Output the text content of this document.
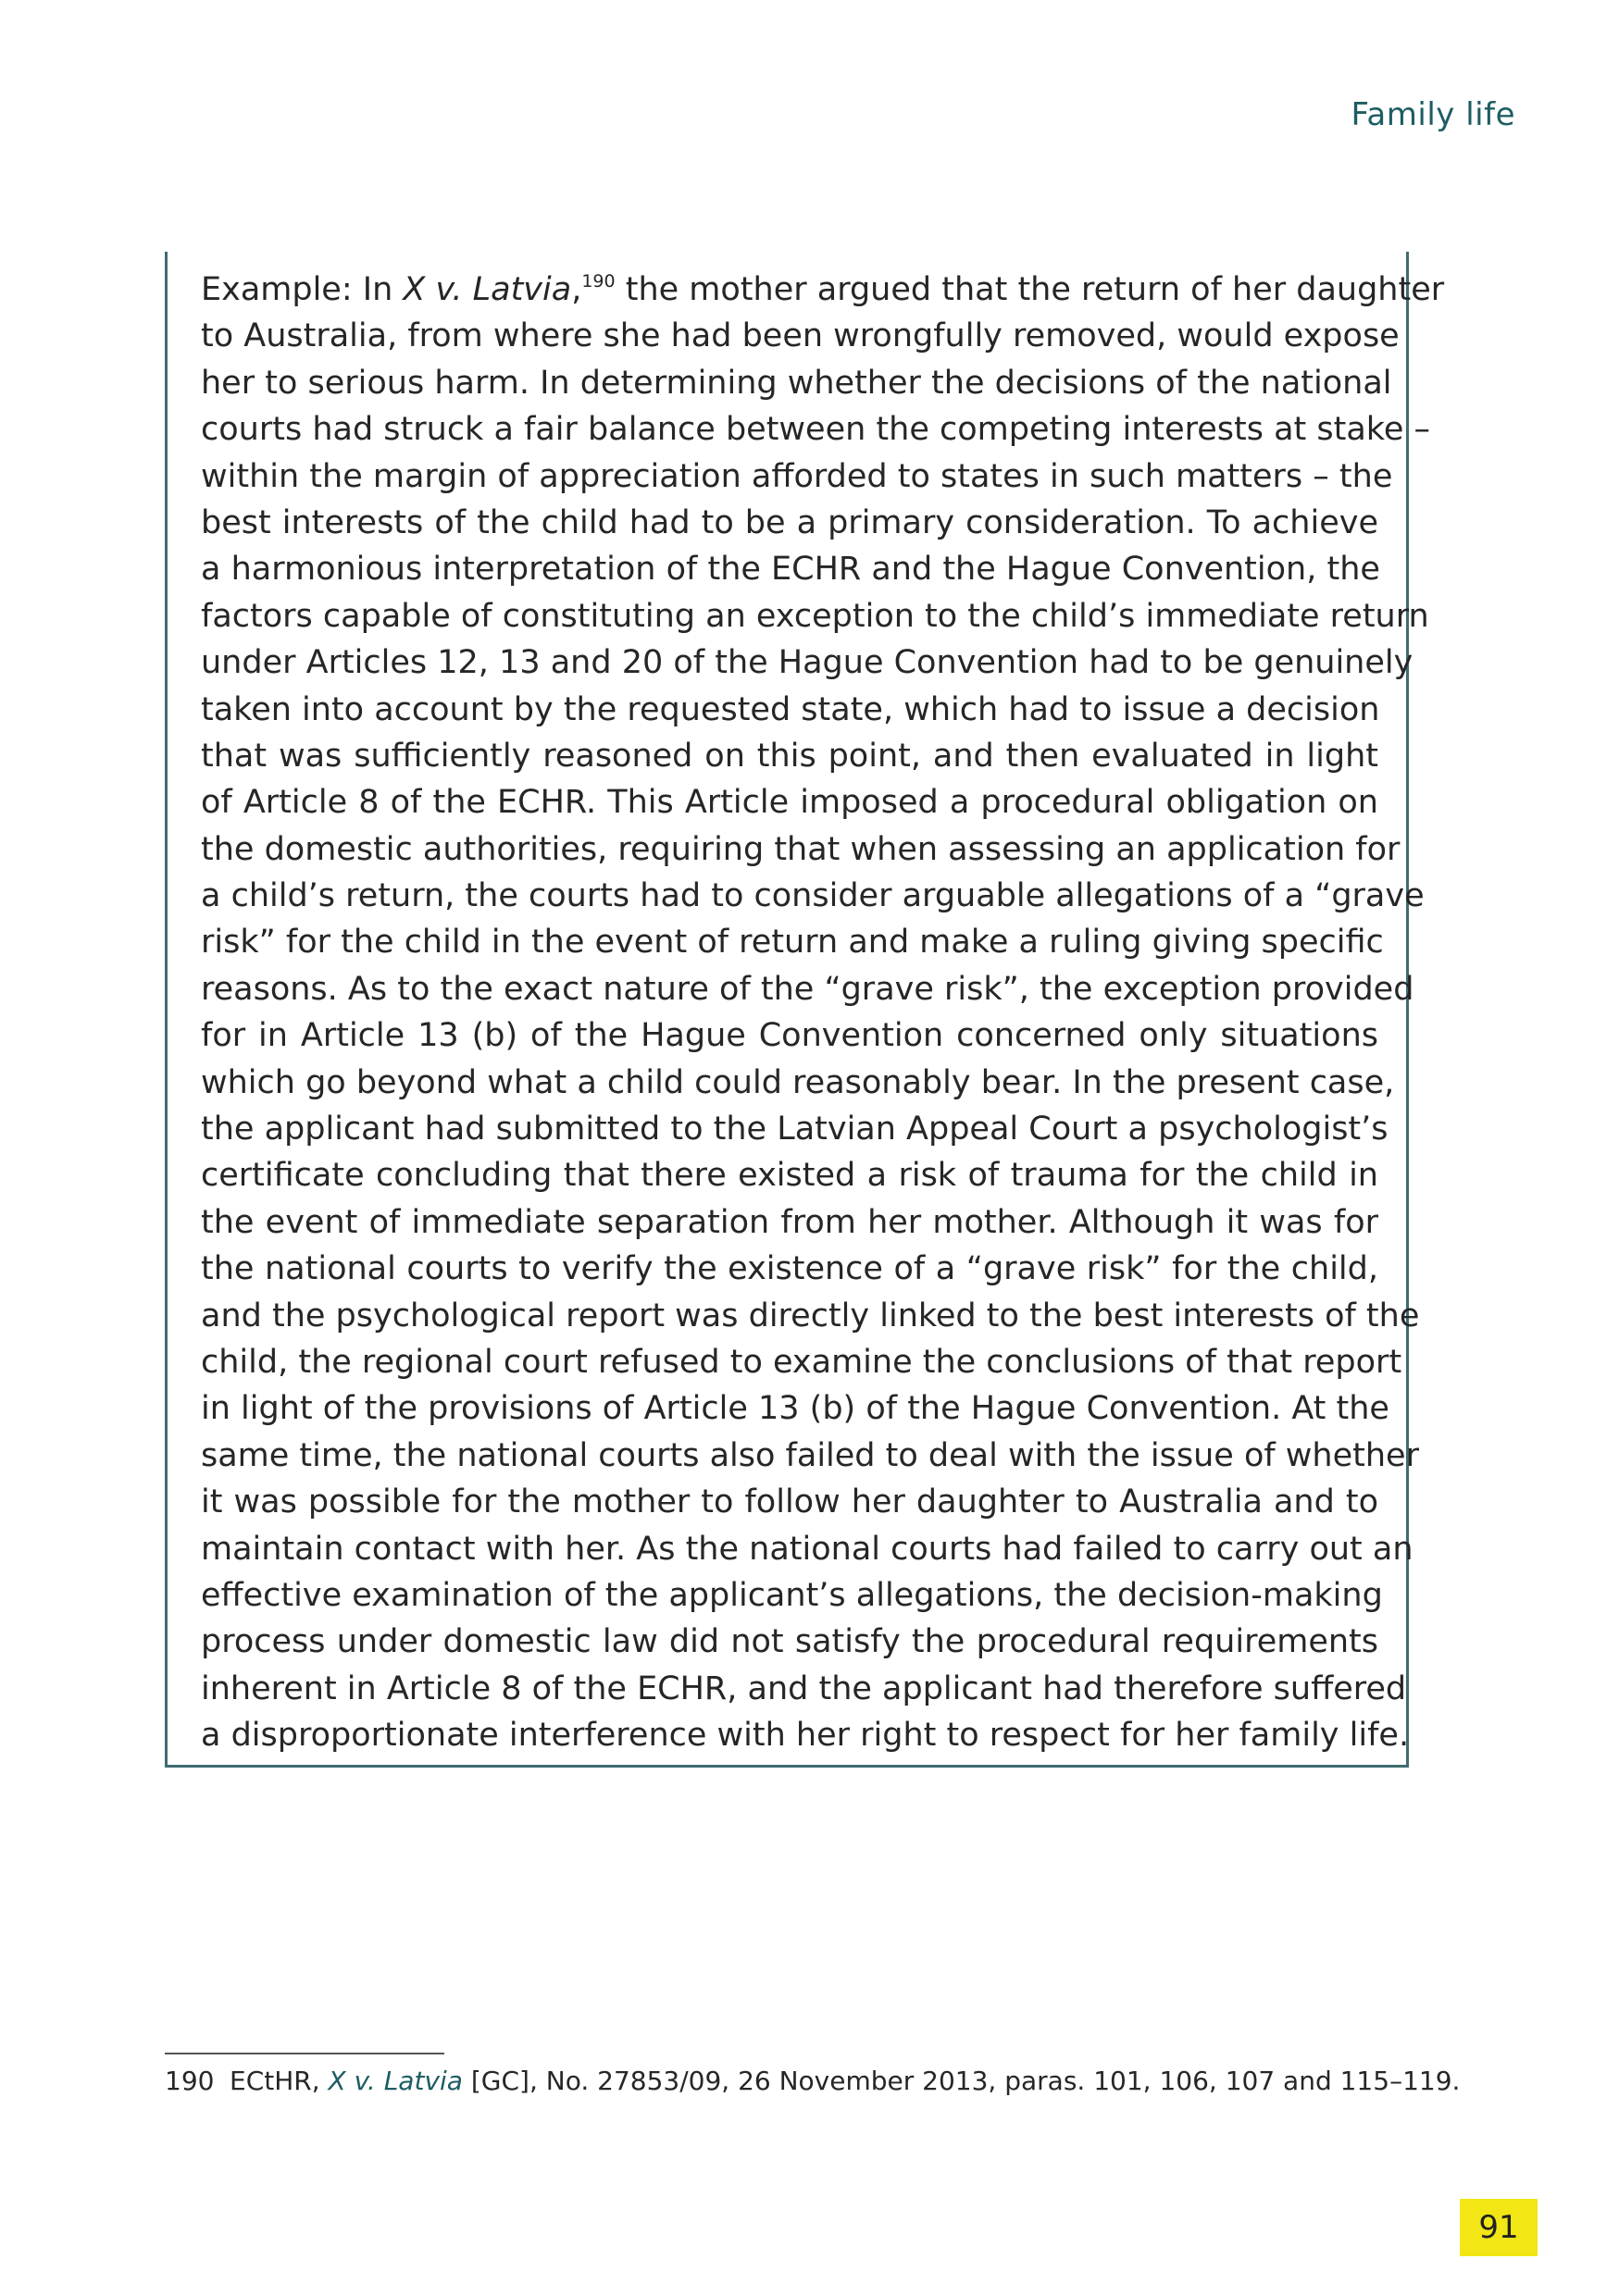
Family life
Example: In X v. Latvia,$^{190}$ the mother argued that the return of her daughter
to Australia, from where she had been wrongfully removed, would expose
her to serious harm. In determining whether the decisions of the national
courts had struck a fair balance between the competing interests at stake –
within the margin of appreciation afforded to states in such matters – the
best interests of the child had to be a primary consideration. To achieve
a harmonious interpretation of the ECHR and the Hague Convention, the
factors capable of constituting an exception to the child’s immediate return
under Articles 12, 13 and 20 of the Hague Convention had to be genuinely
taken into account by the requested state, which had to issue a decision
that was sufficiently reasoned on this point, and then evaluated in light
of Article 8 of the ECHR. This Article imposed a procedural obligation on
the domestic authorities, requiring that when assessing an application for
a child’s return, the courts had to consider arguable allegations of a “grave
risk” for the child in the event of return and make a ruling giving specific
reasons. As to the exact nature of the “grave risk”, the exception provided
for in Article 13 (b) of the Hague Convention concerned only situations
which go beyond what a child could reasonably bear. In the present case,
the applicant had submitted to the Latvian Appeal Court a psychologist’s
certificate concluding that there existed a risk of trauma for the child in
the event of immediate separation from her mother. Although it was for
the national courts to verify the existence of a “grave risk” for the child,
and the psychological report was directly linked to the best interests of the
child, the regional court refused to examine the conclusions of that report
in light of the provisions of Article 13 (b) of the Hague Convention. At the
same time, the national courts also failed to deal with the issue of whether
it was possible for the mother to follow her daughter to Australia and to
maintain contact with her. As the national courts had failed to carry out an
effective examination of the applicant’s allegations, the decision-making
process under domestic law did not satisfy the procedural requirements
inherent in Article 8 of the ECHR, and the applicant had therefore suffered
a disproportionate interference with her right to respect for her family life.
190 ECtHR, X v. Latvia [GC], No. 27853/09, 26 November 2013, paras. 101, 106, 107 and 115–119.
91
